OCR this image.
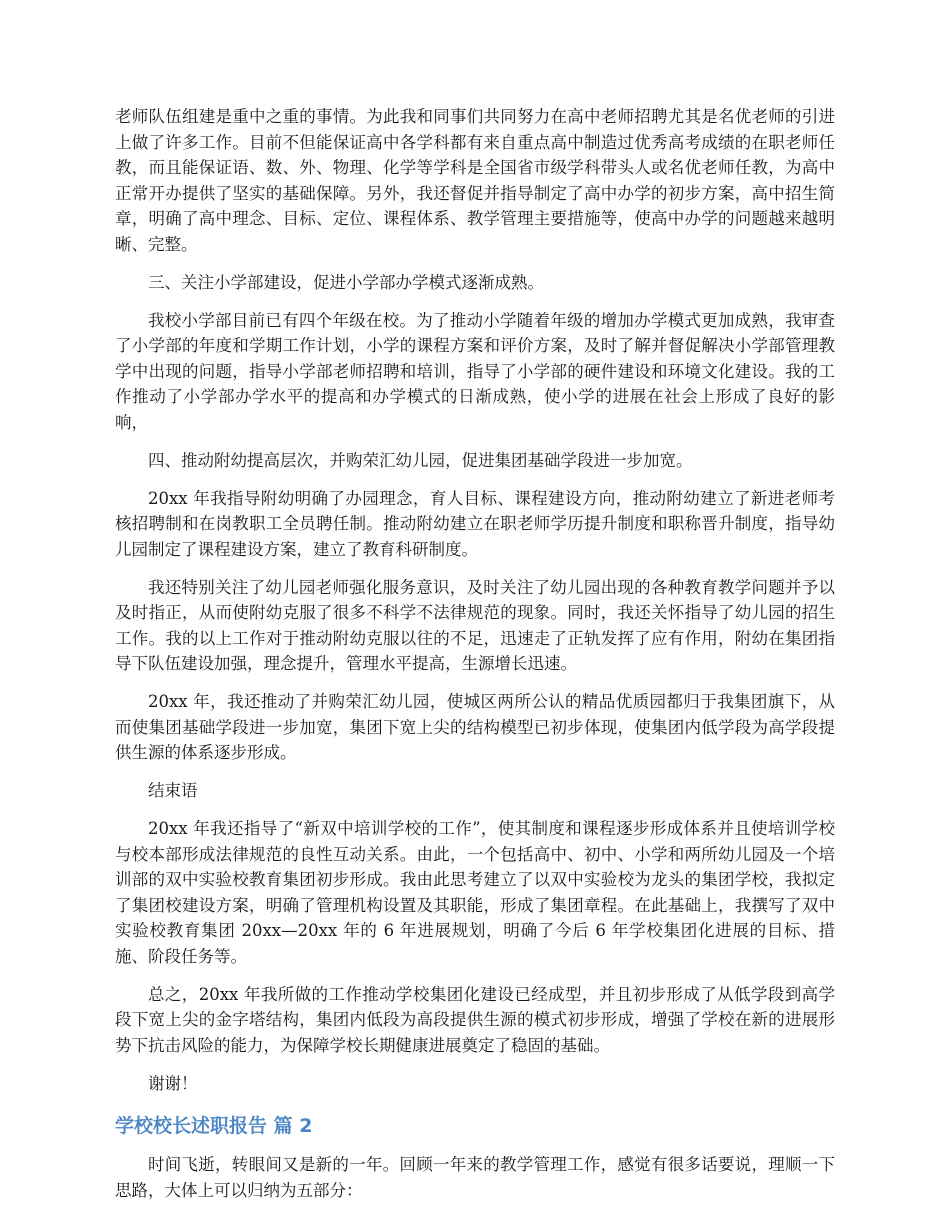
老师队伍组建是重中之重的事情。为此我和同事们共同努力在高中老师招聘尤其是名优老师的引进上做了许多工作。目前不但能保证高中各学科都有来自重点高中制造过优秀高考成绩的在职老师任教，而且能保证语、数、外、物理、化学等学科是全国省市级学科带头人或名优老师任教，为高中正常开办提供了坚实的基础保障。另外，我还督促并指导制定了高中办学的初步方案，高中招生简章，明确了高中理念、目标、定位、课程体系、教学管理主要措施等，使高中办学的问题越来越明晰、完整。

三、关注小学部建设，促进小学部办学模式逐渐成熟。

我校小学部目前已有四个年级在校。为了推动小学随着年级的增加办学模式更加成熟，我审查了小学部的年度和学期工作计划，小学的课程方案和评价方案，及时了解并督促解决小学部管理教学中出现的问题，指导小学部老师招聘和培训，指导了小学部的硬件建设和环境文化建设。我的工作推动了小学部办学水平的提高和办学模式的日渐成熟，使小学的进展在社会上形成了良好的影响，

四、推动附幼提高层次，并购荣汇幼儿园，促进集团基础学段进一步加宽。

20xx 年我指导附幼明确了办园理念，育人目标、课程建设方向，推动附幼建立了新进老师考核招聘制和在岗教职工全员聘任制。推动附幼建立在职老师学历提升制度和职称晋升制度，指导幼儿园制定了课程建设方案，建立了教育科研制度。

我还特别关注了幼儿园老师强化服务意识，及时关注了幼儿园出现的各种教育教学问题并予以及时指正，从而使附幼克服了很多不科学不法律规范的现象。同时，我还关怀指导了幼儿园的招生工作。我的以上工作对于推动附幼克服以往的不足，迅速走了正轨发挥了应有作用，附幼在集团指导下队伍建设加强，理念提升，管理水平提高，生源增长迅速。

20xx 年，我还推动了并购荣汇幼儿园，使城区两所公认的精品优质园都归于我集团旗下，从而使集团基础学段进一步加宽，集团下宽上尖的结构模型已初步体现，使集团内低学段为高学段提供生源的体系逐步形成。

结束语

20xx 年我还指导了“新双中培训学校的工作”，使其制度和课程逐步形成体系并且使培训学校与校本部形成法律规范的良性互动关系。由此，一个包括高中、初中、小学和两所幼儿园及一个培训部的双中实验校教育集团初步形成。我由此思考建立了以双中实验校为龙头的集团学校，我拟定了集团校建设方案，明确了管理机构设置及其职能，形成了集团章程。在此基础上，我撰写了双中实验校教育集团 20xx—20xx 年的 6 年进展规划，明确了今后 6 年学校集团化进展的目标、措施、阶段任务等。

总之，20xx 年我所做的工作推动学校集团化建设已经成型，并且初步形成了从低学段到高学段下宽上尖的金字塔结构，集团内低段为高段提供生源的模式初步形成，增强了学校在新的进展形势下抗击风险的能力，为保障学校长期健康进展奠定了稳固的基础。

谢谢！

学校校长述职报告 篇 2

时间飞逝，转眼间又是新的一年。回顾一年来的教学管理工作，感觉有很多话要说，理顺一下思路，大体上可以归纳为五部分：
